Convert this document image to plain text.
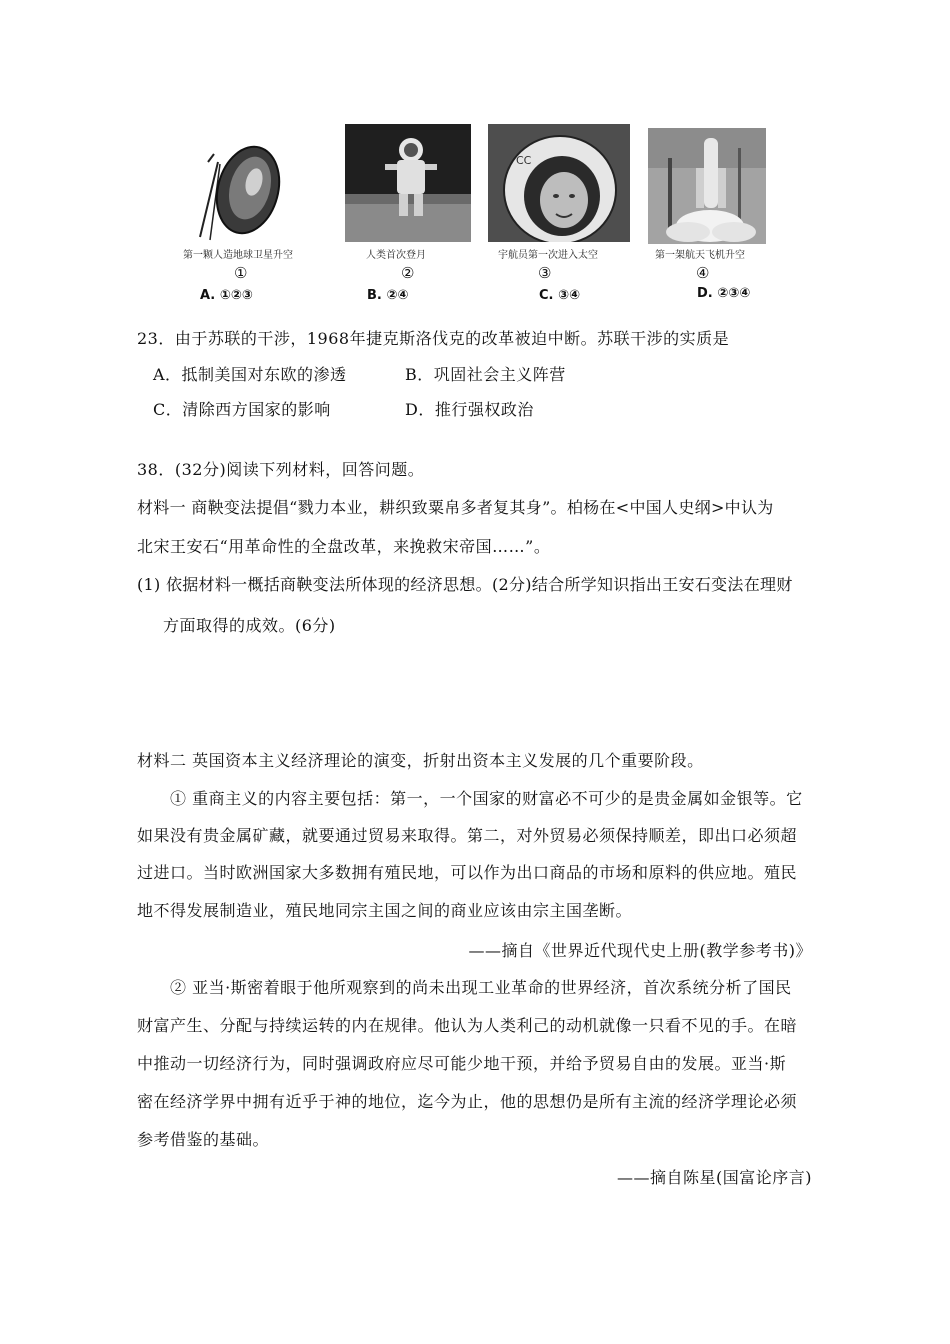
第一颗人造地球卫星升空
①
人类首次登月
②
CC
宇航员第一次进入太空
③
第一架航天飞机升空
④
A. ①②③	B. ②④	C. ③④	D. ②③④
23．由于苏联的干涉，1968年捷克斯洛伐克的改革被迫中断。苏联干涉的实质是
A．抵制美国对东欧的渗透	B．巩固社会主义阵营
C．清除西方国家的影响	D．推行强权政治
38．(32分)阅读下列材料，回答问题。
材料一 商鞅变法提倡“戮力本业，耕织致粟帛多者复其身”。柏杨在<中国人史纲>中认为
北宋王安石“用革命性的全盘改革，来挽救宋帝国……”。
(1) 依据材料一概括商鞅变法所体现的经济思想。(2分)结合所学知识指出王安石变法在理财
方面取得的成效。(6分)
材料二 英国资本主义经济理论的演变，折射出资本主义发展的几个重要阶段。
① 重商主义的内容主要包括：第一，一个国家的财富必不可少的是贵金属如金银等。它
如果没有贵金属矿藏，就要通过贸易来取得。第二，对外贸易必须保持顺差，即出口必须超
过进口。当时欧洲国家大多数拥有殖民地，可以作为出口商品的市场和原料的供应地。殖民
地不得发展制造业，殖民地同宗主国之间的商业应该由宗主国垄断。
——摘自《世界近代现代史上册(教学参考书)》
② 亚当·斯密着眼于他所观察到的尚未出现工业革命的世界经济，首次系统分析了国民
财富产生、分配与持续运转的内在规律。他认为人类利己的动机就像一只看不见的手。在暗
中推动一切经济行为，同时强调政府应尽可能少地干预，并给予贸易自由的发展。亚当·斯
密在经济学界中拥有近乎于神的地位，迄今为止，他的思想仍是所有主流的经济学理论必须
参考借鉴的基础。
——摘自陈星(国富论序言)
